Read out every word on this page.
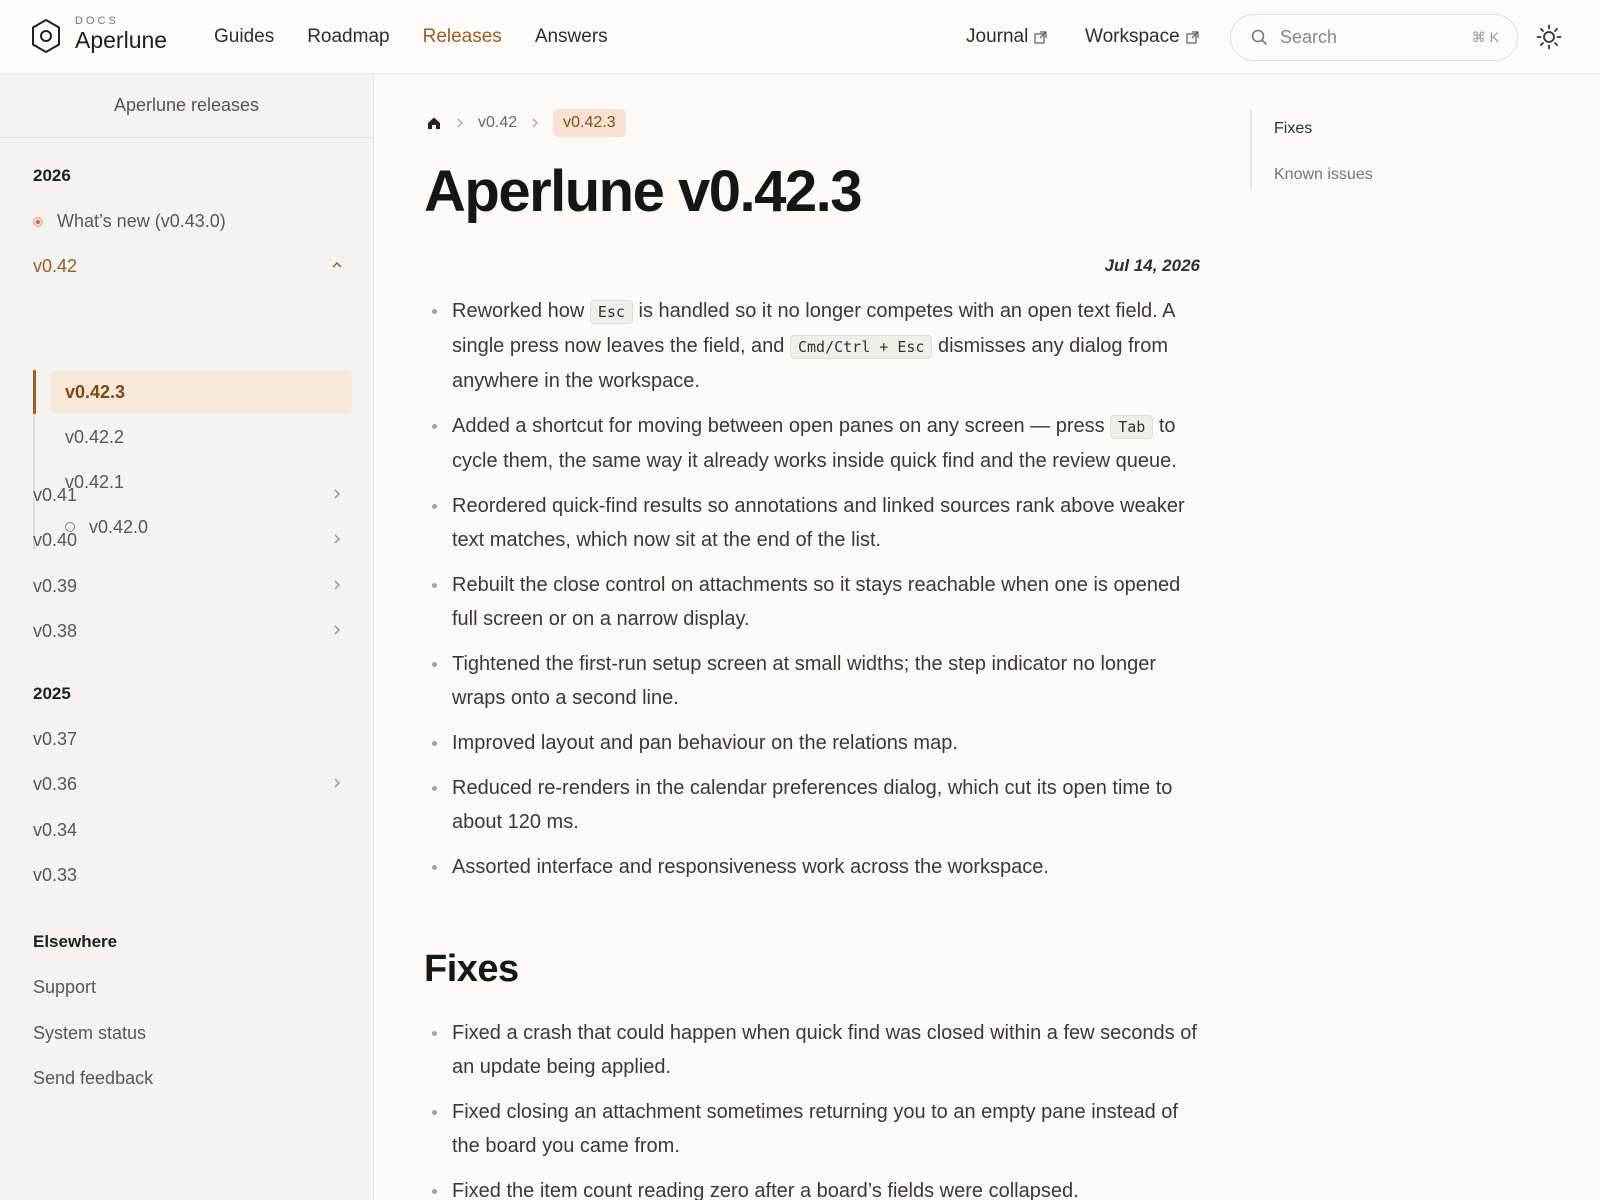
DOCS
Aperlune Guides Roadmap Releases Answers	Journal	Workspace	Search	⌘ K
Aperlune releases
2026
What’s new (v0.43.0)
v0.42
v0.42.3
v0.42.2
v0.42.1
v0.42.0
v0.41
v0.40
v0.39
v0.38
2025
v0.37
v0.36
v0.34
v0.33
Elsewhere
Support
System status
Send feedback
v0.42	v0.42.3
Aperlune v0.42.3
Jul 14, 2026
Reworked how Esc is handled so it no longer competes with an open text field. A single press now leaves the field, and Cmd/Ctrl + Esc dismisses any dialog from anywhere in the workspace.
Added a shortcut for moving between open panes on any screen — press Tab to cycle them, the same way it already works inside quick find and the review queue.
Reordered quick-find results so annotations and linked sources rank above weaker text matches, which now sit at the end of the list.
Rebuilt the close control on attachments so it stays reachable when one is opened full screen or on a narrow display.
Tightened the first-run setup screen at small widths; the step indicator no longer wraps onto a second line.
Improved layout and pan behaviour on the relations map.
Reduced re-renders in the calendar preferences dialog, which cut its open time to about 120 ms.
Assorted interface and responsiveness work across the workspace.
Fixes
Fixed a crash that could happen when quick find was closed within a few seconds of an update being applied.
Fixed closing an attachment sometimes returning you to an empty pane instead of the board you came from.
Fixed the item count reading zero after a board’s fields were collapsed.
Fixes
Known issues
